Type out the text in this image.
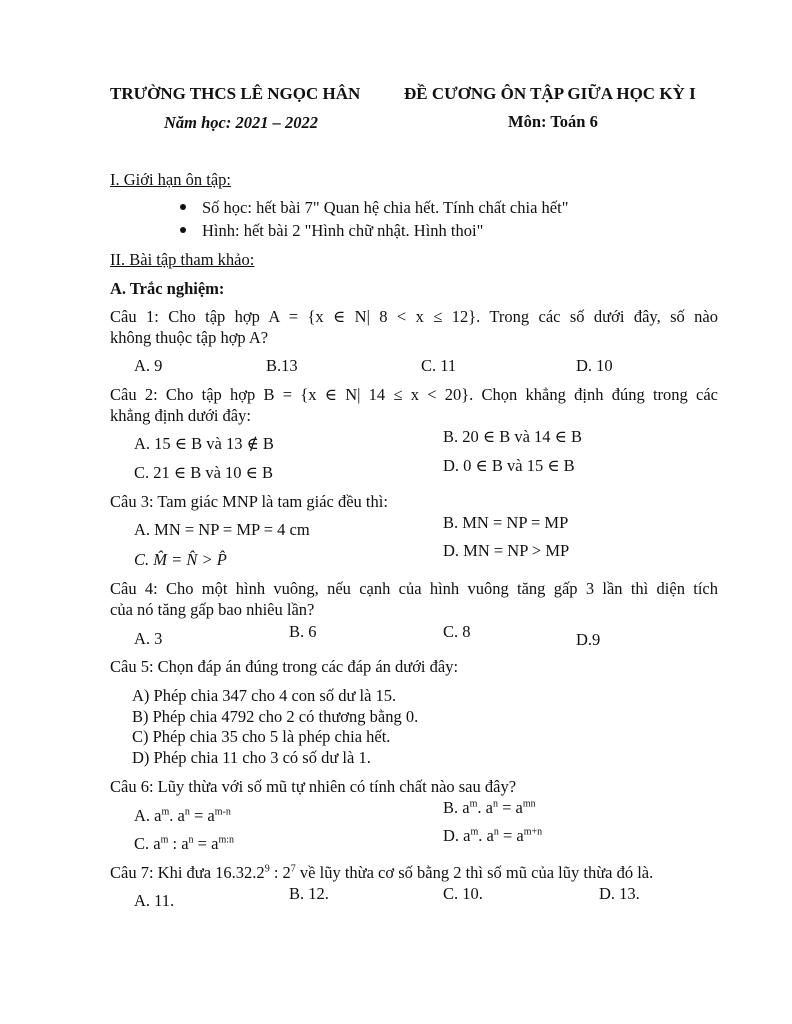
TRƯỜNG THCS LÊ NGỌC HÂN	ĐỀ CƯƠNG ÔN TẬP GIỮA HỌC KỲ I
Năm học: 2021 – 2022	Môn: Toán 6
I. Giới hạn ôn tập:
Số học: hết bài 7" Quan hệ chia hết. Tính chất chia hết"
Hình: hết bài 2 "Hình chữ nhật. Hình thoi"
II. Bài tập tham khảo:
A. Trắc nghiệm:
Câu 1: Cho tập hợp A = {x ∈ N| 8 < x ≤ 12}. Trong các số dưới đây, số nào
không thuộc tập hợp A?
A. 9	B.13	C. 11	D. 10
Câu 2: Cho tập hợp B = {x ∈ N| 14 ≤ x < 20}. Chọn khẳng định đúng trong các
khẳng định dưới đây:
A. 15 ∈ B và 13 ∉ B	B. 20 ∈ B và 14 ∈ B
C. 21 ∈ B và 10 ∈ B	D. 0 ∈ B và 15 ∈ B
Câu 3: Tam giác MNP là tam giác đều thì:
A. MN = NP = MP = 4 cm	B. MN = NP = MP
C. M̂ = N̂ > P̂	D. MN = NP > MP
Câu 4: Cho một hình vuông, nếu cạnh của hình vuông tăng gấp 3 lần thì diện tích
của nó tăng gấp bao nhiêu lần?
A. 3	B. 6	C. 8	D.9
Câu 5: Chọn đáp án đúng trong các đáp án dưới đây:
A) Phép chia 347 cho 4 con số dư là 15.
B) Phép chia 4792 cho 2 có thương bằng 0.
C) Phép chia 35 cho 5 là phép chia hết.
D) Phép chia 11 cho 3 có số dư là 1.
Câu 6: Lũy thừa với số mũ tự nhiên có tính chất nào sau đây?
A. $a^m$. $a^n = a^{m-n}$	B. $a^m$. $a^n = a^{mn}$
C. $a^m$ : $a^n = a^{m:n}$	D. $a^m$. $a^n = a^{m+n}$
Câu 7: Khi đưa 16.32.2$^9$ : $2^7$ về lũy thừa cơ số bằng 2 thì số mũ của lũy thừa đó là.
A. 11.	B. 12.	C. 10.	D. 13.
